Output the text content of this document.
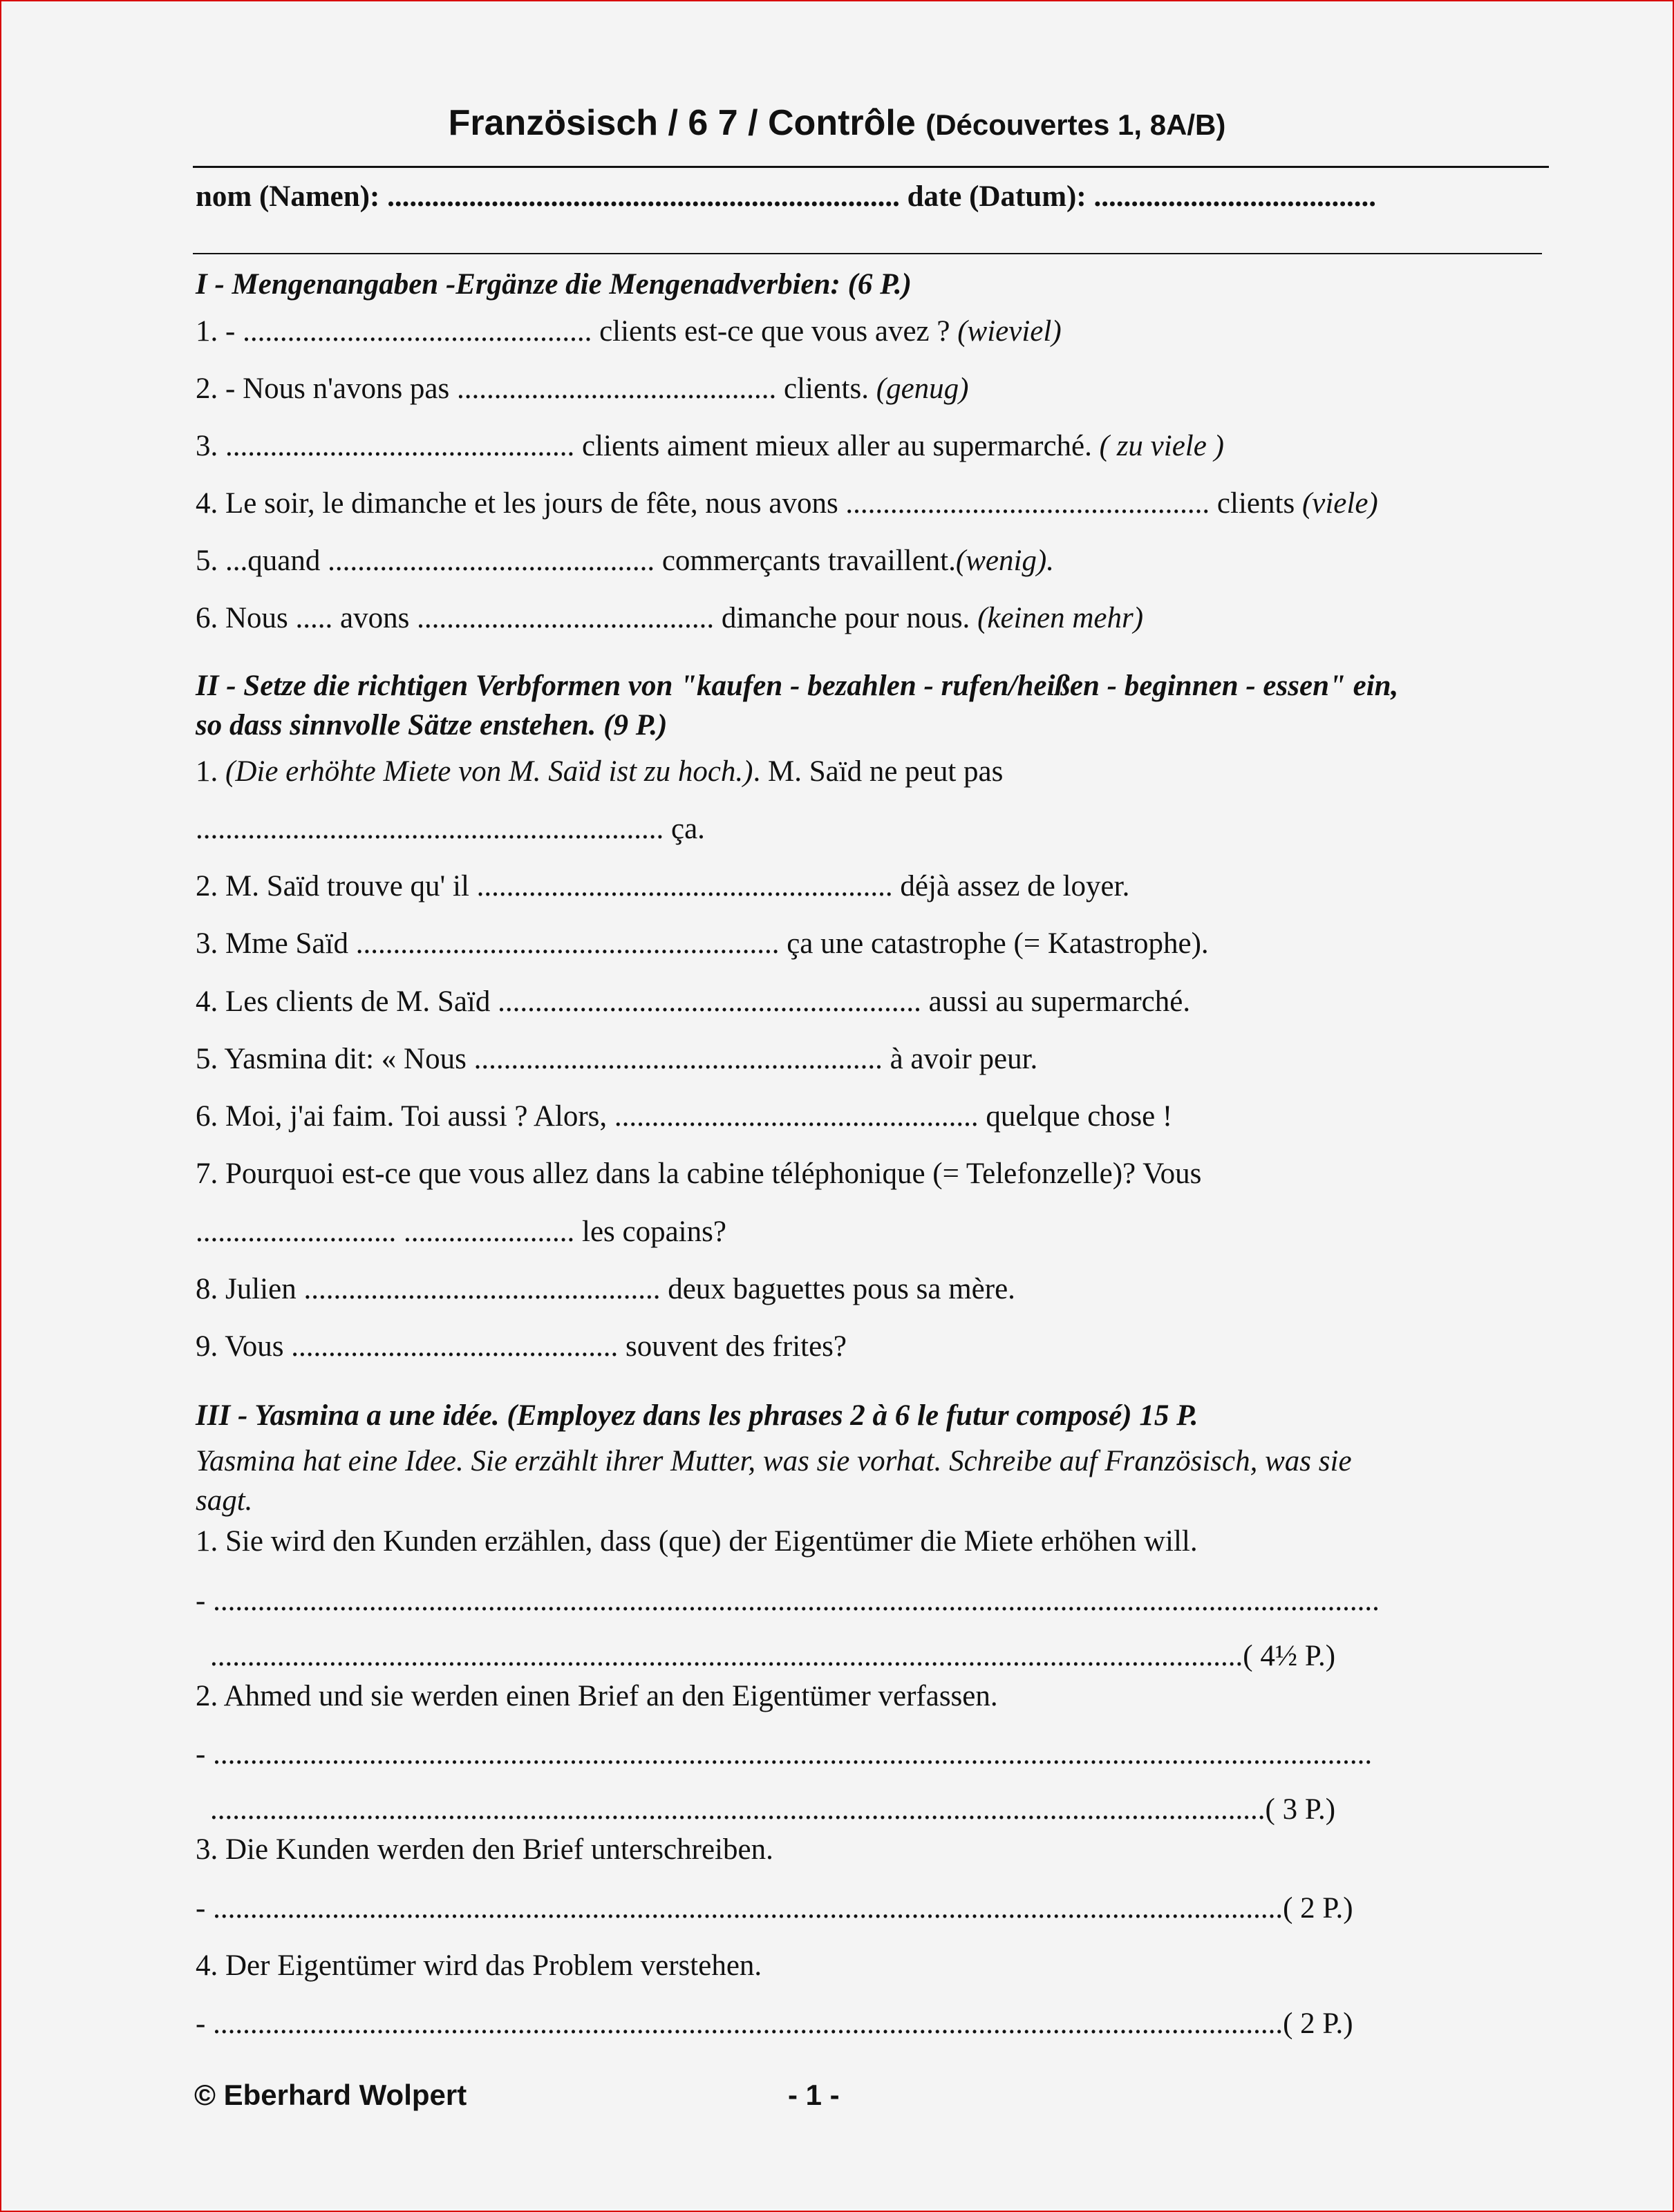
Französisch / 6 7 / Contrôle (Découvertes 1, 8A/B)
nom (Namen): ..................................................................... date (Datum): ......................................
I - Mengenangaben -Ergänze die Mengenadverbien: (6 P.)
1. - ............................................... clients est-ce que vous avez ? (wieviel)
2. - Nous n'avons pas ........................................... clients. (genug)
3. ............................................... clients aiment mieux aller au supermarché. ( zu viele )
4. Le soir, le dimanche et les jours de fête, nous avons ................................................. clients (viele)
5. ...quand ............................................ commerçants travaillent.(wenig).
6. Nous ..... avons ........................................ dimanche pour nous. (keinen mehr)
II - Setze die richtigen Verbformen von "kaufen - bezahlen - rufen/heißen - beginnen - essen" ein,
so dass sinnvolle Sätze enstehen. (9 P.)
1. (Die erhöhte Miete von M. Saïd ist zu hoch.). M. Saïd ne peut pas
............................................................... ça.
2. M. Saïd trouve qu' il ........................................................ déjà assez de loyer.
3. Mme Saïd ......................................................... ça une catastrophe (= Katastrophe).
4. Les clients de M. Saïd ......................................................... aussi au supermarché.
5. Yasmina dit: « Nous ....................................................... à avoir peur.
6. Moi, j'ai faim. Toi aussi ? Alors, ................................................. quelque chose !
7. Pourquoi est-ce que vous allez dans la cabine téléphonique (= Telefonzelle)? Vous
........................... ....................... les copains?
8. Julien ................................................ deux baguettes pous sa mère.
9. Vous ............................................ souvent des frites?
III - Yasmina a une idée. (Employez dans les phrases 2 à 6 le futur composé) 15 P.
Yasmina hat eine Idee. Sie erzählt ihrer Mutter, was sie vorhat. Schreibe auf Französisch, was sie
sagt.
1. Sie wird den Kunden erzählen, dass (que) der Eigentümer die Miete erhöhen will.
- .............................................................................................................................................................
...........................................................................................................................................( 4½ P.)
2. Ahmed und sie werden einen Brief an den Eigentümer verfassen.
- ............................................................................................................................................................
..............................................................................................................................................( 3 P.)
3. Die Kunden werden den Brief unterschreiben.
- ................................................................................................................................................( 2 P.)
4. Der Eigentümer wird das Problem verstehen.
- ................................................................................................................................................( 2 P.)
© Eberhard Wolpert	- 1 -
